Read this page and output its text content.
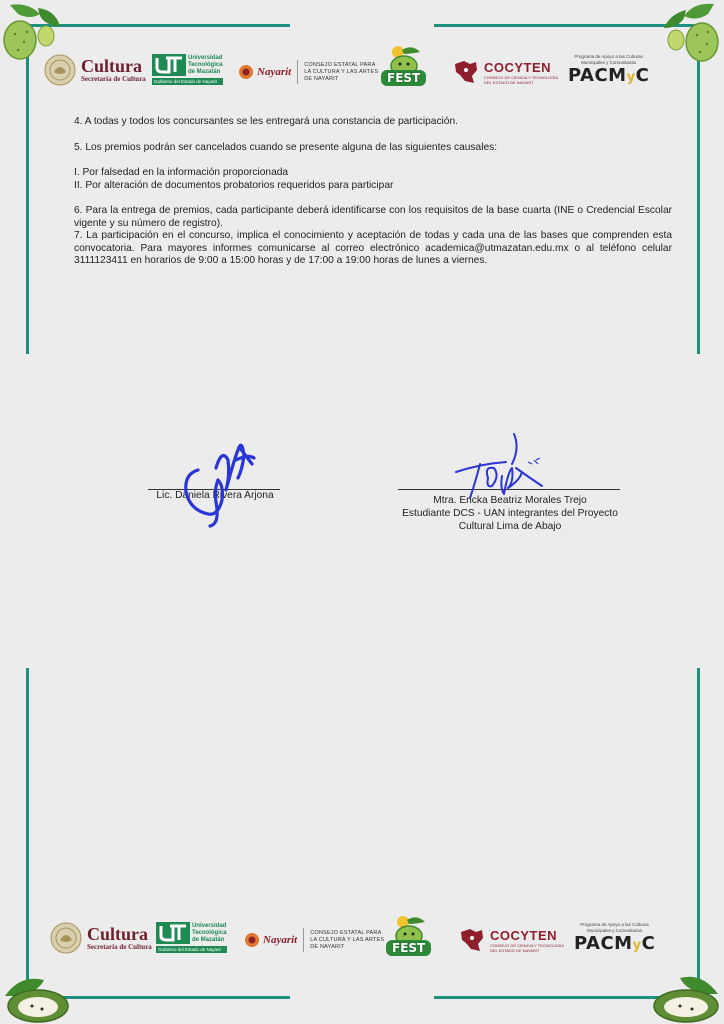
Cultura
Secretaría de Cultura
Universidad
Tecnológica
de Mazatán
Gobierno del Estado de Nayarit
Nayarit
CONSEJO ESTATAL PARA
LA CULTURA Y LAS ARTES
DE NAYARIT	FEST
COCYTEN
CONSEJO DE CIENCIA Y TECNOLOGÍA
DEL ESTADO DE NAYARIT
Programa de Apoyo a las Culturas
Municipales y Comunitarias
PACMyC

4. A todas y todos los concursantes se les entregará una constancia de participación.

5. Los premios podrán ser cancelados cuando se presente alguna de las siguientes causales:

I. Por falsedad en la información proporcionada

II. Por alteración de documentos probatorios requeridos para participar

6. Para la entrega de premios, cada participante deberá identificarse con los requisitos de la base cuarta (INE o Credencial Escolar vigente y su número de registro).

7. La participación en el concurso, implica el conocimiento y aceptación de todas y cada una de las bases que comprenden esta convocatoria. Para mayores informes comunicarse al correo electrónico academica@utmazatan.edu.mx o al teléfono celular 3111123411 en horarios de 9:00 a 15:00 horas y de 17:00 a 19:00 horas de lunes a viernes.

Lic. Daniela Rivera Arjona	Mtra. Ericka Beatriz Morales Trejo
Estudiante DCS - UAN integrantes del Proyecto
Cultural Lima de Abajo
Cultura
Secretaría de Cultura
Universidad
Tecnológica
de Mazatán
Gobierno del Estado de Nayarit
Nayarit
CONSEJO ESTATAL PARA
LA CULTURA Y LAS ARTES
DE NAYARIT	FEST
COCYTEN
CONSEJO DE CIENCIA Y TECNOLOGÍA
DEL ESTADO DE NAYARIT
Programa de Apoyo a las Culturas
Municipales y Comunitarias
PACMyC
